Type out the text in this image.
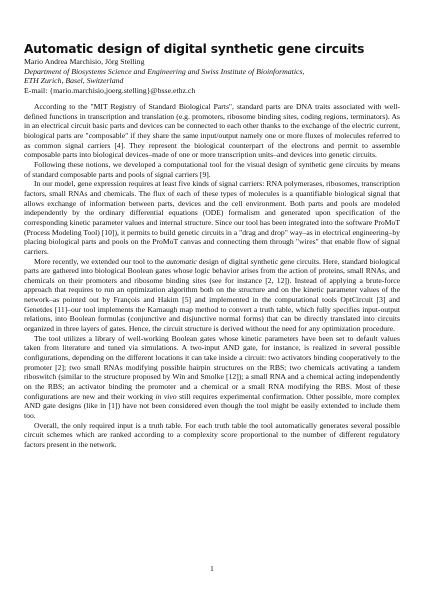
Automatic design of digital synthetic gene circuits
Mario Andrea Marchisio, Jörg Stelling
Department of Biosystems Science and Engineering and Swiss Institute of Bioinformatics,
ETH Zurich, Basel, Switzerland
E-mail: {mario.marchisio,joerg.stelling}@bsse.ethz.ch

According to the "MIT Registry of Standard Biological Parts", standard parts are DNA traits associated with well-defined functions in transcription and translation (e.g. promoters, ribosome binding sites, coding regions, terminators). As in an electrical circuit basic parts and devices can be connected to each other thanks to the exchange of the electric current, biological parts are "composable" if they share the same input/output namely one or more fluxes of molecules referred to as common signal carriers [4]. They represent the biological counterpart of the electrons and permit to assemble composable parts into biological devices–made of one or more transcription units–and devices into genetic circuits.

Following these notions, we developed a computational tool for the visual design of synthetic gene circuits by means of standard composable parts and pools of signal carriers [9].

In our model, gene expression requires at least five kinds of signal carriers: RNA polymerases, ribosomes, transcription factors, small RNAs and chemicals. The flux of each of these types of molecules is a quantifiable biological signal that allows exchange of information between parts, devices and the cell environment. Both parts and pools are modeled independently by the ordinary differential equations (ODE) formalism and generated upon specification of the corresponding kinetic parameter values and internal structure. Since our tool has been integrated into the software ProMoT (Process Modeling Tool) [10]), it permits to build genetic circuits in a "drag and drop" way–as in electrical engineering–by placing biological parts and pools on the ProMoT canvas and connecting them through "wires" that enable flow of signal carriers.

More recently, we extended our tool to the automatic design of digital synthetic gene circuits. Here, standard biological parts are gathered into biological Boolean gates whose logic behavior arises from the action of proteins, small RNAs, and chemicals on their promoters and ribosome binding sites (see for instance [2, 12]). Instead of applying a brute-force approach that requires to run an optimization algorithm both on the structure and on the kinetic parameter values of the network–as pointed out by François and Hakim [5] and implemented in the computational tools OptCircuit [3] and Genetdes [11]–our tool implements the Karnaugh map method to convert a truth table, which fully specifies input-output relations, into Boolean formulas (conjunctive and disjunctive normal forms) that can be directly translated into circuits organized in three layers of gates. Hence, the circuit structure is derived without the need for any optimization procedure.

The tool utilizes a library of well-working Boolean gates whose kinetic parameters have been set to default values taken from literature and tuned via simulations. A two-input AND gate, for instance, is realized in several possible configurations, depending on the different locations it can take inside a circuit: two activators binding cooperatively to the promoter [2]; two small RNAs modifying possible hairpin structures on the RBS; two chemicals activating a tandem riboswitch (similar to the structure proposed by Win and Smolke [12]); a small RNA and a chemical acting independently on the RBS; an activator binding the promoter and a chemical or a small RNA modifying the RBS. Most of these configurations are new and their working in vivo still requires experimental confirmation. Other possible, more complex AND gate designs (like in [1]) have not been considered even though the tool might be easily extended to include them too.

Overall, the only required input is a truth table. For each truth table the tool automatically generates several possible circuit schemes which are ranked according to a complexity score proportional to the number of different regulatory factors present in the network.

1
